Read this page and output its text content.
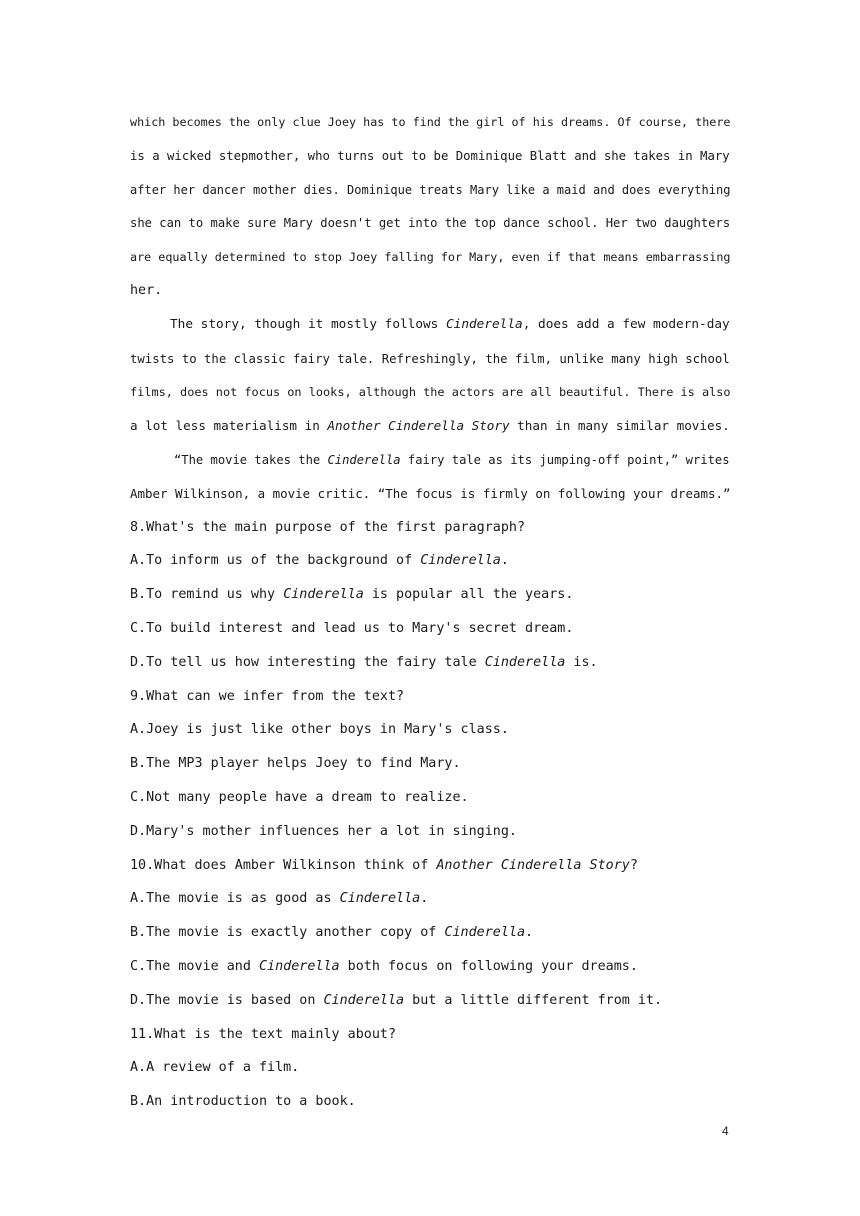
which becomes the only clue Joey has to find the girl of his dreams. Of course, there
is a wicked stepmother, who turns out to be Dominique Blatt and she takes in Mary
after her dancer mother dies. Dominique treats Mary like a maid and does everything
she can to make sure Mary doesn't get into the top dance school. Her two daughters
are equally determined to stop Joey falling for Mary, even if that means embarrassing
her.
The story, though it mostly follows Cinderella, does add a few modern-day
twists to the classic fairy tale. Refreshingly, the film, unlike many high school
films, does not focus on looks, although the actors are all beautiful. There is also
a lot less materialism in Another Cinderella Story than in many similar movies.
“The movie takes the Cinderella fairy tale as its jumping-off point,” writes
Amber Wilkinson, a movie critic. “The focus is firmly on following your dreams.”
8.What's the main purpose of the first paragraph?
A.To inform us of the background of Cinderella.
B.To remind us why Cinderella is popular all the years.
C.To build interest and lead us to Mary's secret dream.
D.To tell us how interesting the fairy tale Cinderella is.
9.What can we infer from the text?
A.Joey is just like other boys in Mary's class.
B.The MP3 player helps Joey to find Mary.
C.Not many people have a dream to realize.
D.Mary's mother influences her a lot in singing.
10.What does Amber Wilkinson think of Another Cinderella Story?
A.The movie is as good as Cinderella.
B.The movie is exactly another copy of Cinderella.
C.The movie and Cinderella both focus on following your dreams.
D.The movie is based on Cinderella but a little different from it.
11.What is the text mainly about?
A.A review of a film.
B.An introduction to a book.
4
